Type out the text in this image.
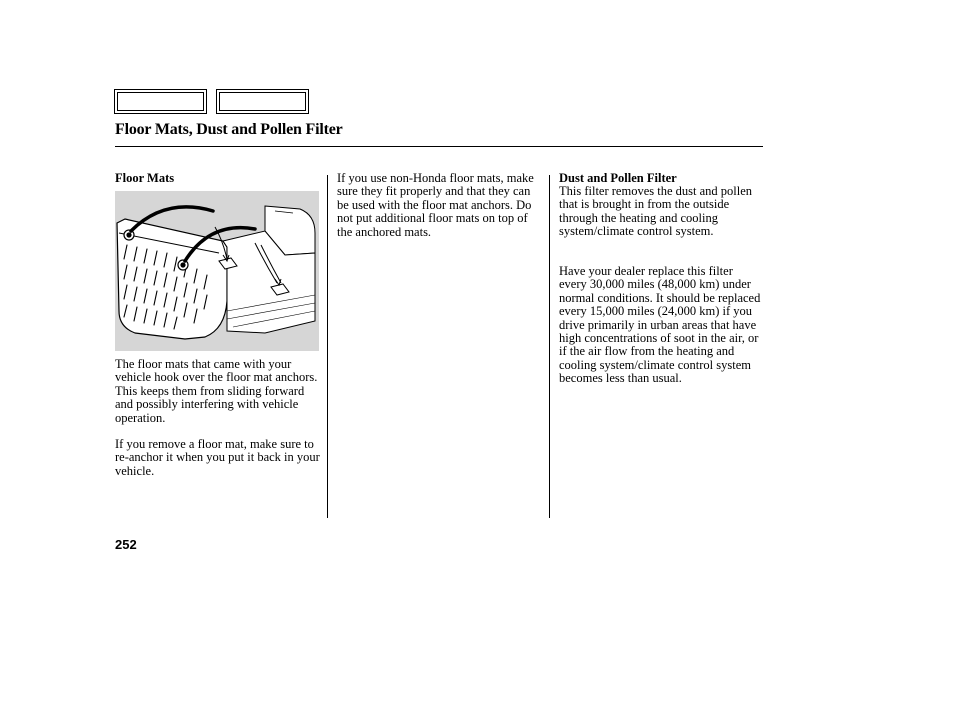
Floor Mats, Dust and Pollen Filter
Floor Mats

The floor mats that came with your vehicle hook over the floor mat anchors. This keeps them from sliding forward and possibly interfering with vehicle operation.

If you remove a floor mat, make sure to re-anchor it when you put it back in your vehicle.

If you use non-Honda floor mats, make sure they fit properly and that they can be used with the floor mat anchors. Do not put additional floor mats on top of the anchored mats.

Dust and Pollen Filter

This filter removes the dust and pollen that is brought in from the outside through the heating and cooling system/climate control system.

Have your dealer replace this filter every 30,000 miles (48,000 km) under normal conditions. It should be replaced every 15,000 miles (24,000 km) if you drive primarily in urban areas that have high concentrations of soot in the air, or if the air flow from the heating and cooling system/climate control system becomes less than usual.

252
